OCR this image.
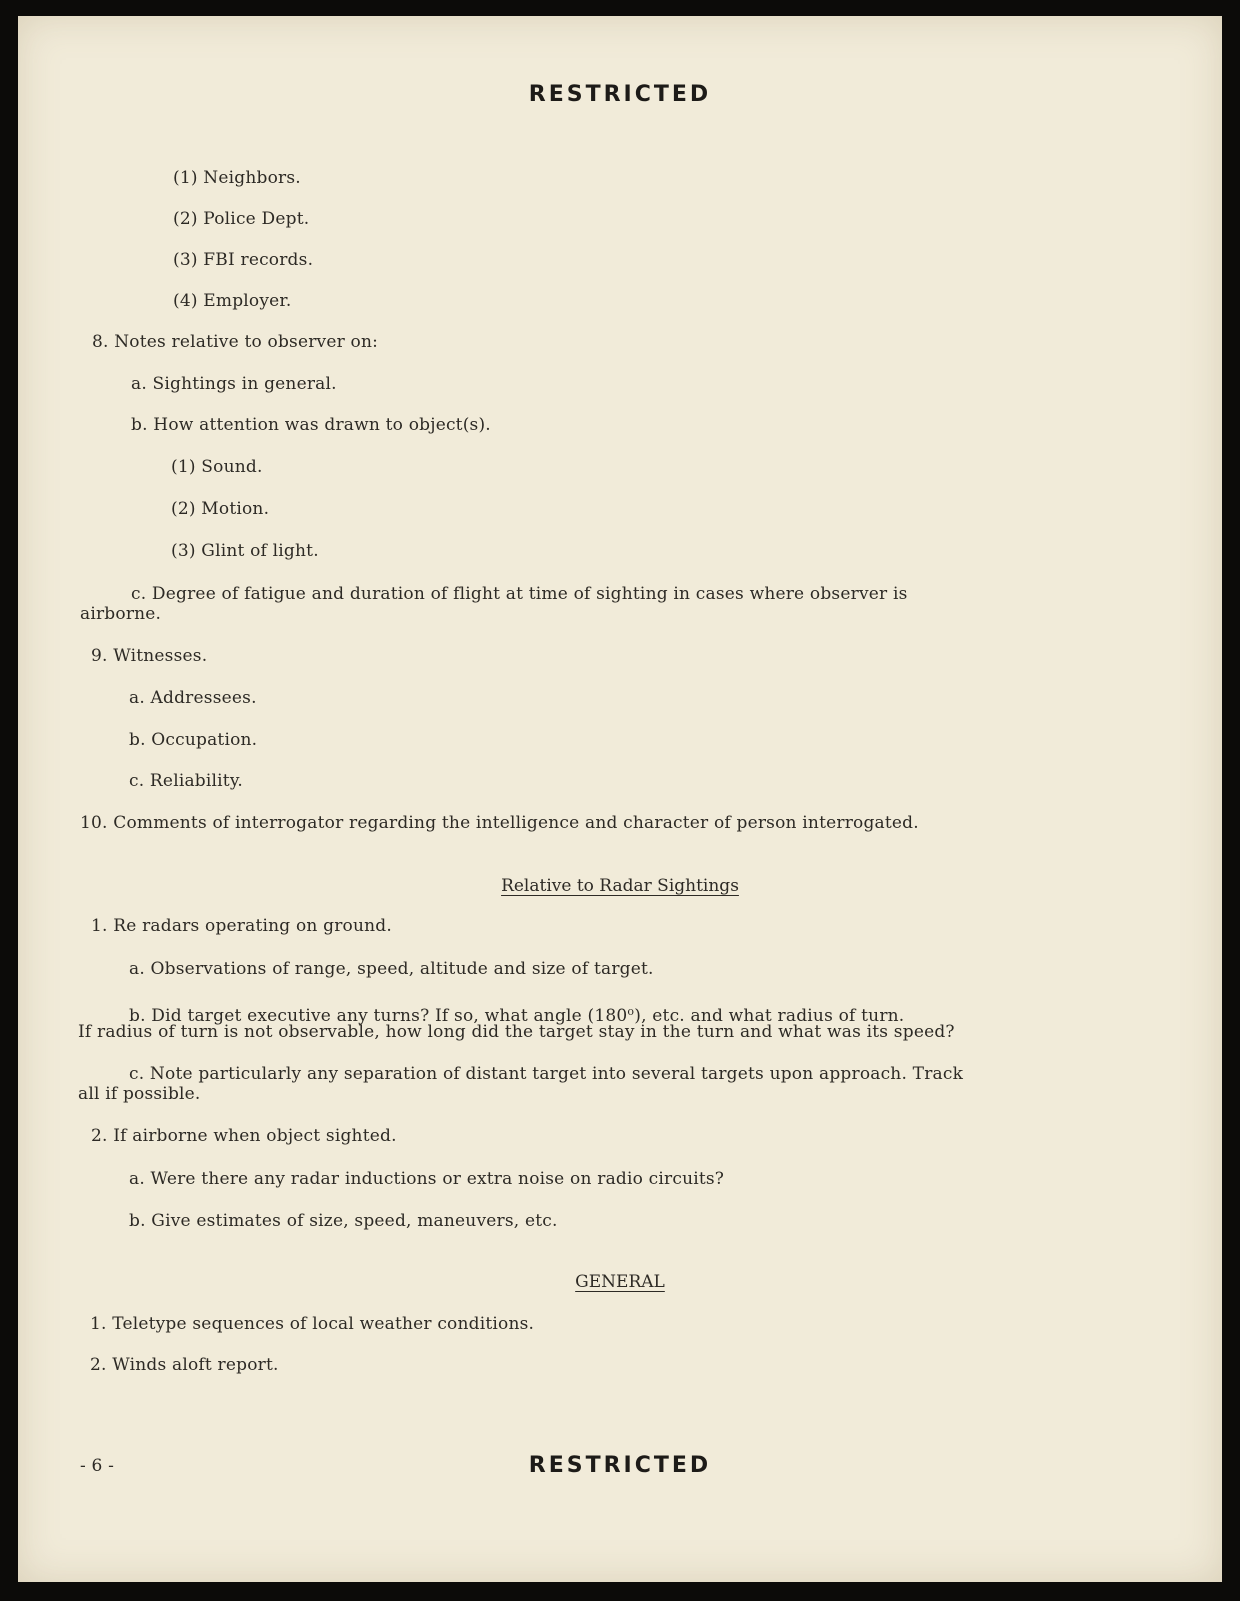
RESTRICTED

(1) Neighbors.

(2) Police Dept.

(3) FBI records.

(4) Employer.

8. Notes relative to observer on:

a. Sightings in general.

b. How attention was drawn to object(s).

(1) Sound.

(2) Motion.

(3) Glint of light.

c. Degree of fatigue and duration of flight at time of sighting in cases where observer is

airborne.

9. Witnesses.

a. Addressees.

b. Occupation.

c. Reliability.

10. Comments of interrogator regarding the intelligence and character of person interrogated.

Relative to Radar Sightings

1. Re radars operating on ground.

a. Observations of range, speed, altitude and size of target.

b. Did target executive any turns? If so, what angle (180$^o$), etc. and what radius of turn.

If radius of turn is not observable, how long did the target stay in the turn and what was its speed?

c. Note particularly any separation of distant target into several targets upon approach. Track

all if possible.

2. If airborne when object sighted.

a. Were there any radar inductions or extra noise on radio circuits?

b. Give estimates of size, speed, maneuvers, etc.

GENERAL

1. Teletype sequences of local weather conditions.

2. Winds aloft report.

- 6 -	RESTRICTED
